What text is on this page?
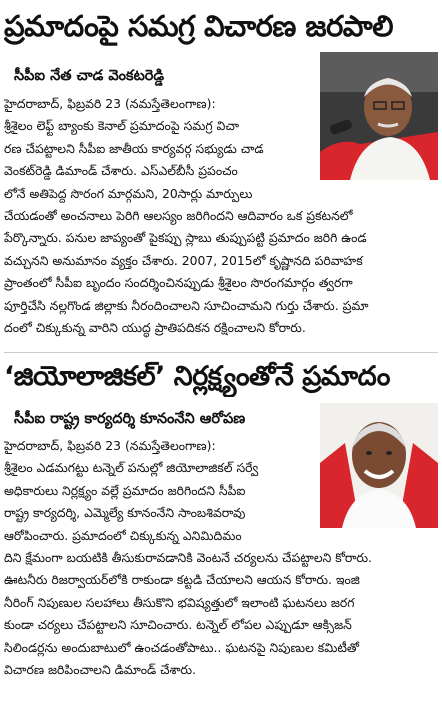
ప్రమాదంపై సమగ్ర విచారణ జరపాలి
సీపీఐ నేత చాడ వెంకటరెడ్డి
హైదరాబాద్, ఫిబ్రవరి 23 (నమస్తేతెలంగాణ):
శ్రీశైలం లెఫ్ట్ బ్యాంకు కెనాల్ ప్రమాదంపై సమగ్ర విచా
రణ చేపట్టాలని సీపీఐ జాతీయ కార్యవర్గ సభ్యుడు చాడ
వెంకట్‌రెడ్డి డిమాండ్ చేశారు. ఎస్ఎల్‌బీసీ ప్రపంచం
లోనే అతిపెద్ద సొరంగ మార్గమని, 20సార్లు మార్పులు
చేయడంతో అంచనాలు పెరిగి ఆలస్యం జరిగిందని ఆదివారం ఒక ప్రకటనలో
పేర్కొన్నారు. పనుల జాప్యంతో పైకప్పు స్లాబు తుప్పుపట్టి ప్రమాదం జరిగి ఉండ
వచ్చునని అనుమానం వ్యక్తం చేశారు. 2007, 2015లో కృష్ణానది పరివాహక
ప్రాంతంలో సీపీఐ బృందం సందర్శించినప్పుడు శ్రీశైలం సొరంగమార్గం త్వరగా
పూర్తిచేసి నల్లగొండ జిల్లాకు నీరందించాలని సూచించామని గుర్తు చేశారు. ప్రమా
దంలో చిక్కుకున్న వారిని యుద్ధ ప్రాతిపదికన రక్షించాలని కోరారు.
‘జియోలాజికల్’ నిర్లక్ష్యంతోనే ప్రమాదం
సీపీఐ రాష్ట్ర కార్యదర్శి కూనంనేని ఆరోపణ
హైదరాబాద్, ఫిబ్రవరి 23 (నమస్తేతెలంగాణ):
శ్రీశైలం ఎడమగట్టు టన్నెల్ పనుల్లో జియోలాజికల్ సర్వే
అధికారులు నిర్లక్ష్యం వల్లే ప్రమాదం జరిగిందని సీపీఐ
రాష్ట్ర కార్యదర్శి, ఎమ్మెల్యే కూనంనేని సాంబశివరావు
ఆరోపించారు. ప్రమాదంలో చిక్కుకున్న ఎనిమిదిమం
దిని క్షేమంగా బయటికి తీసుకురావడానికి వెంటనే చర్యలను చేపట్టాలని కోరారు.
ఊటనీరు రిజర్వాయర్‌లోకి రాకుండా కట్టడి చేయాలని ఆయన కోరారు. ఇంజి
నీరింగ్ నిపుణుల సలహాలు తీసుకొని భవిష్యత్తులో ఇలాంటి ఘటనలు జరగ
కుండా చర్యలు చేపట్టాలని సూచించారు. టన్నెల్ లోపల ఎప్పుడూ ఆక్సిజన్
సిలిండర్లను అందుబాటులో ఉంచడంతోపాటు.. ఘటనపై నిపుణుల కమిటీతో
విచారణ జరిపించాలని డిమాండ్ చేశారు.
